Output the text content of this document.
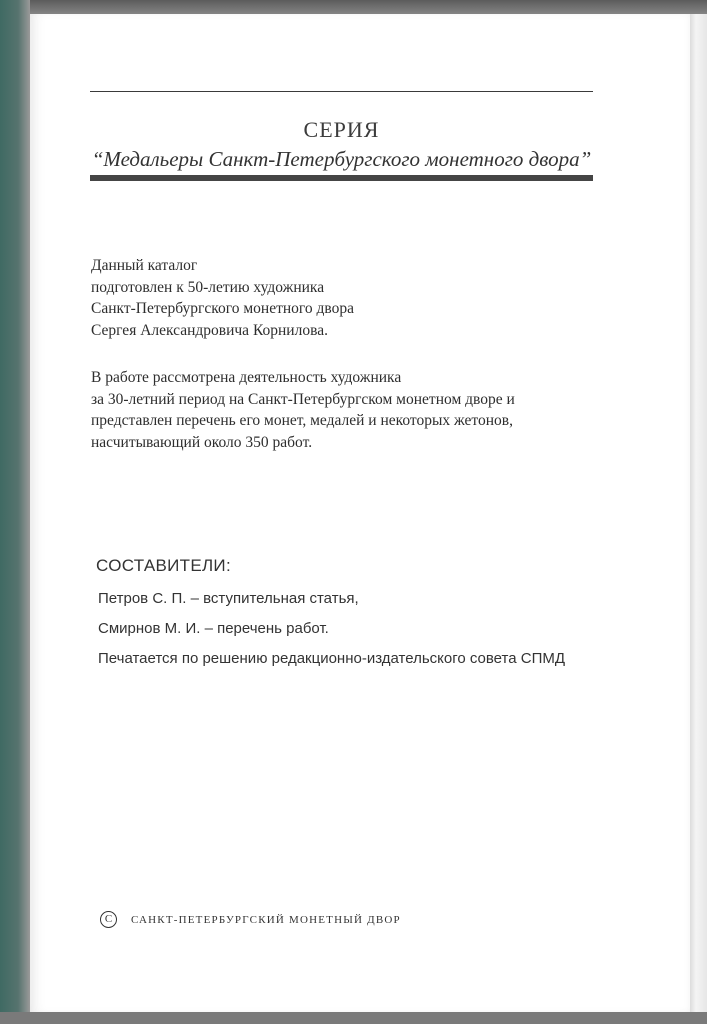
СЕРИЯ
“Медальеры Санкт-Петербургского монетного двора”
Данный каталог
подготовлен к 50-летию художника
Санкт-Петербургского монетного двора
Сергея Александровича Корнилова.
В работе рассмотрена деятельность художника
за 30-летний период на Санкт-Петербургском монетном дворе и
представлен перечень его монет, медалей и некоторых жетонов,
насчитывающий около 350 работ.
СОСТАВИТЕЛИ:
Петров С. П. – вступительная статья,
Смирнов М. И. – перечень работ.
Печатается по решению редакционно-издательского совета СПМД
C
САНКТ-ПЕТЕРБУРГСКИЙ МОНЕТНЫЙ ДВОР
